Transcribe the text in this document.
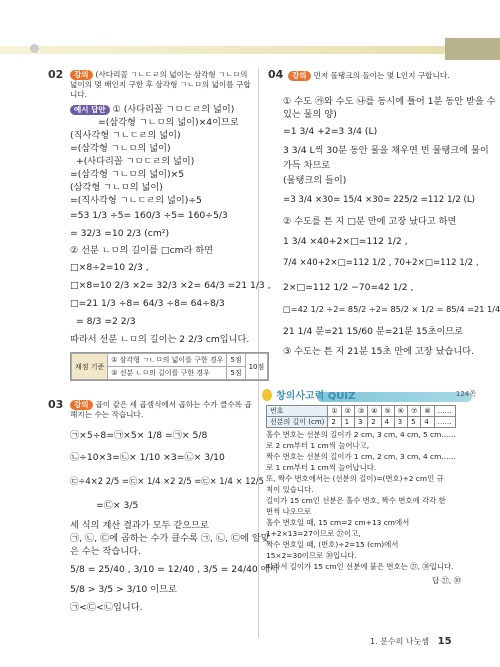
02	강의 (사다리꼴 ㄱㄴㄷㄹ의 넓이는 삼각형 ㄱㄴㅁ의 넓이의 몇 배인지 구한 후 삼각형 ㄱㄴㅁ의 넓이를 구합니다.
예시 답안 ① (사다리꼴 ㄱㅁㄷㄹ의 넓이)
=(삼각형 ㄱㄴㅁ의 넓이)×4이므로
(직사각형 ㄱㄴㄷㄹ의 넓이)
=(삼각형 ㄱㄴㅁ의 넓이)
+(사다리꼴 ㄱㅁㄷㄹ의 넓이)
=(삼각형 ㄱㄴㅁ의 넓이)×5
(삼각형 ㄱㄴㅁ의 넓이)
=(직사각형 ㄱㄴㄷㄹ의 넓이)÷5
=53 1/3 ÷5= 160/3 ÷5= 160÷5/3
= 32/3 =10 2/3 (cm²)
② 선분 ㄴㅁ의 길이를 □cm라 하면
□×8÷2=10 2/3 ,
□×8=10 2/3 ×2= 32/3 ×2= 64/3 =21 1/3 ,
□=21 1/3 ÷8= 64/3 ÷8= 64÷8/3
= 8/3 =2 2/3
따라서 선분 ㄴㅁ의 길이는 2 2/3 cm입니다.
채점 기준	① 삼각형 ㄱㄴㅁ의 넓이를 구한 경우	5점	10점
	② 선분 ㄴㅁ의 길이를 구한 경우	5점	
03	강의 곱이 같은 세 곱셈식에서 곱하는 수가 클수록 곱해지는 수는 작습니다.
㉠×5÷8=㉠×5× 1/8 =㉠× 5/8
㉡÷10×3=㉡× 1/10 ×3=㉡× 3/10
㉢÷4×2 2/5 =㉢× 1/4 ×2 2/5 =㉢× 1/4 × 12/5
=㉢× 3/5
세 식의 계산 결과가 모두 같으므로
㉠, ㉡, ㉢에 곱하는 수가 클수록 ㉠, ㉡, ㉢에 알맞
은 수는 작습니다.
5/8 = 25/40 , 3/10 = 12/40 , 3/5 = 24/40 에서
5/8 > 3/5 > 3/10 이므로
㉠<㉢<㉡입니다.
04	강의 먼저 물탱크의 들이는 몇 L인지 구합니다.
① 수도 ㉮와 수도 ㉯를 동시에 틀어 1분 동안 받을 수
있는 물의 양)
=1 3/4 +2=3 3/4 (L)
3 3/4 L씩 30분 동안 물을 채우면 빈 물탱크에 물이
가득 차므로
(물탱크의 들이)
=3 3/4 ×30= 15/4 ×30= 225/2 =112 1/2 (L)
② 수도를 튼 지 □분 만에 고장 났다고 하면
1 3/4 ×40+2×□=112 1/2 ,
7/4 ×40+2×□=112 1/2 , 70+2×□=112 1/2 ,
2×□=112 1/2 −70=42 1/2 ,
□=42 1/2 ÷2= 85/2 ÷2= 85/2 × 1/2 = 85/4 =21 1/4
21 1/4 분=21 15/60 분=21분 15초이므로
③ 수도는 튼 지 21분 15초 만에 고장 났습니다.
창의사고력 QUIZ	124쪽
번호	①	②	③	④	⑤	⑥	⑦	⑧	……
선분의 길이 (cm)	2	1	3	2	4	3	5	4	……
홀수 번호는 선분의 길이가 2 cm, 3 cm, 4 cm, 5 cm……
로 2 cm부터 1 cm씩 늘어나고,
짝수 번호는 선분의 길이가 1 cm, 2 cm, 3 cm, 4 cm……
로 1 cm부터 1 cm씩 늘어납니다.
또, 짝수 번호에서는 (선분의 길이)=(번호)÷2 cm인 규
칙이 있습니다.
길이가 15 cm인 선분은 홀수 번호, 짝수 번호에 각각 한
번씩 나오므로
홀수 번호일 때, 15 cm=2 cm+13 cm에서
1+2×13=27이므로 ㉗이고,
짝수 번호일 때, (번호)÷2=15 (cm)에서
15×2=30이므로 ㉚입니다.
따라서 길이가 15 cm인 선분에 붙은 번호는 ㉗, ㉚입니다.
답 ㉗, ㉚
1. 분수의 나눗셈 15
